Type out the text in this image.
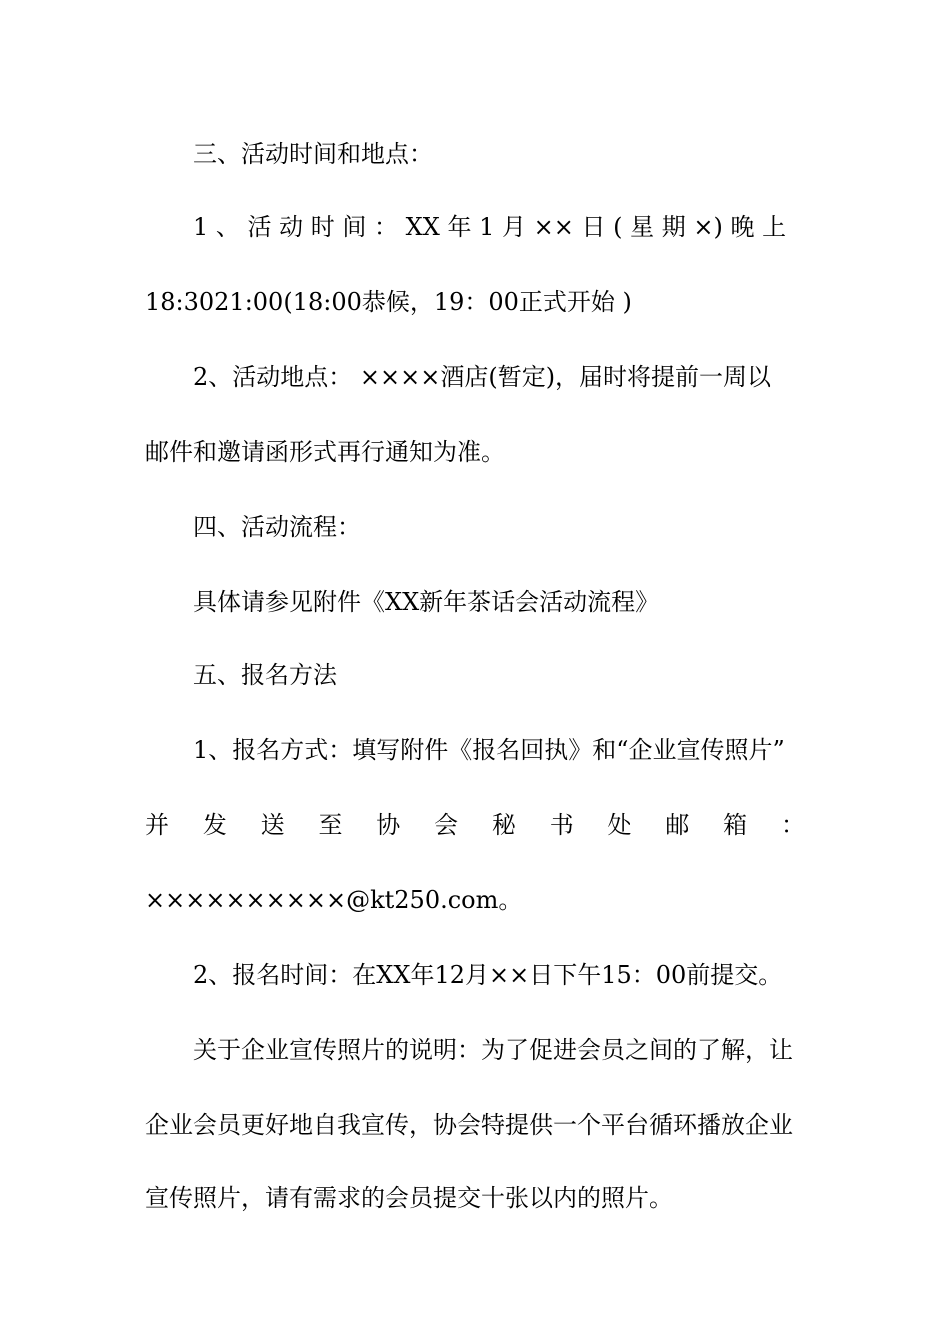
三、活动时间和地点：
1 、 活 动 时 间 ： XX 年 1 月 ×× 日 ( 星 期 ×) 晚 上
18:3021:00(18:00恭候，19：00正式开始 )
2、活动地点： ××××酒店(暂定)，届时将提前一周以
邮件和邀请函形式再行通知为准。
四、活动流程：
具体请参见附件《XX新年茶话会活动流程》
五、报名方法
1、报名方式：填写附件《报名回执》和“企业宣传照片”
并 发 送 至 协 会 秘 书 处 邮 箱 ：
××××××××××@kt250.com。
2、报名时间：在XX年12月××日下午15：00前提交。
关于企业宣传照片的说明：为了促进会员之间的了解，让
企业会员更好地自我宣传，协会特提供一个平台循环播放企业
宣传照片，请有需求的会员提交十张以内的照片。
